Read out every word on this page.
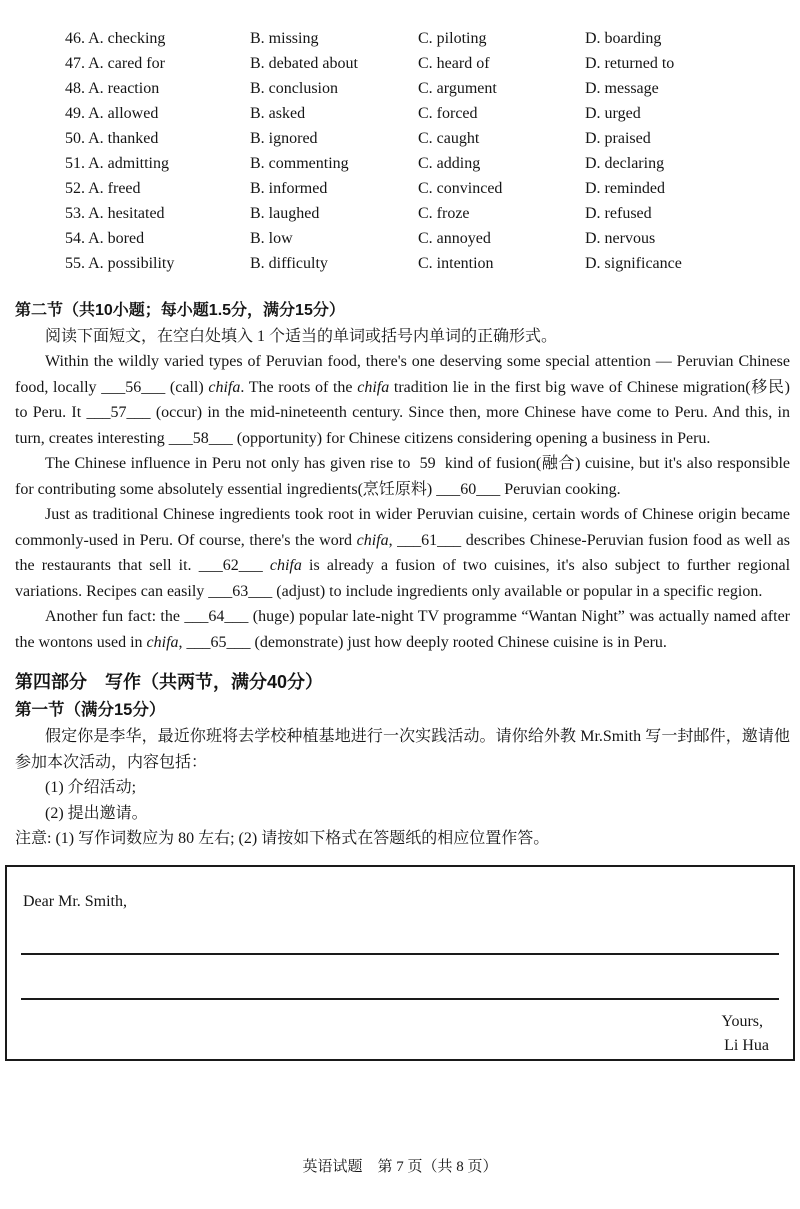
46. A. checking	B. missing	C. piloting	D. boarding
47. A. cared for	B. debated about	C. heard of	D. returned to
48. A. reaction	B. conclusion	C. argument	D. message
49. A. allowed	B. asked	C. forced	D. urged
50. A. thanked	B. ignored	C. caught	D. praised
51. A. admitting	B. commenting	C. adding	D. declaring
52. A. freed	B. informed	C. convinced	D. reminded
53. A. hesitated	B. laughed	C. froze	D. refused
54. A. bored	B. low	C. annoyed	D. nervous
55. A. possibility	B. difficulty	C. intention	D. significance
第二节（共10小题；每小题1.5分，满分15分）
阅读下面短文，在空白处填入 1 个适当的单词或括号内单词的正确形式。

Within the wildly varied types of Peruvian food, there's one deserving some special attention — Peruvian Chinese food, locally ___56___ (call) chifa. The roots of the chifa tradition lie in the first big wave of Chinese migration(移民) to Peru. It ___57___ (occur) in the mid-nineteenth century. Since then, more Chinese have come to Peru. And this, in turn, creates interesting ___58___ (opportunity) for Chinese citizens considering opening a business in Peru.

The Chinese influence in Peru not only has given rise to  59  kind of fusion(融合) cuisine, but it's also responsible for contributing some absolutely essential ingredients(烹饪原料) ___60___ Peruvian cooking.

Just as traditional Chinese ingredients took root in wider Peruvian cuisine, certain words of Chinese origin became commonly-used in Peru. Of course, there's the word chifa, ___61___ describes Chinese-Peruvian fusion food as well as the restaurants that sell it. ___62___ chifa is already a fusion of two cuisines, it's also subject to further regional variations. Recipes can easily ___63___ (adjust) to include ingredients only available or popular in a specific region.

Another fun fact: the ___64___ (huge) popular late-night TV programme “Wantan Night” was actually named after the wontons used in chifa, ___65___ (demonstrate) just how deeply rooted Chinese cuisine is in Peru.

第四部分　写作（共两节，满分40分）
第一节（满分15分）

假定你是李华，最近你班将去学校种植基地进行一次实践活动。请你给外教 Mr.Smith 写一封邮件，邀请他参加本次活动，内容包括：

(1) 介绍活动;
(2) 提出邀请。
注意: (1) 写作词数应为 80 左右; (2) 请按如下格式在答题纸的相应位置作答。
Dear Mr. Smith,
Yours,
Li Hua
英语试题　第 7 页（共 8 页）
